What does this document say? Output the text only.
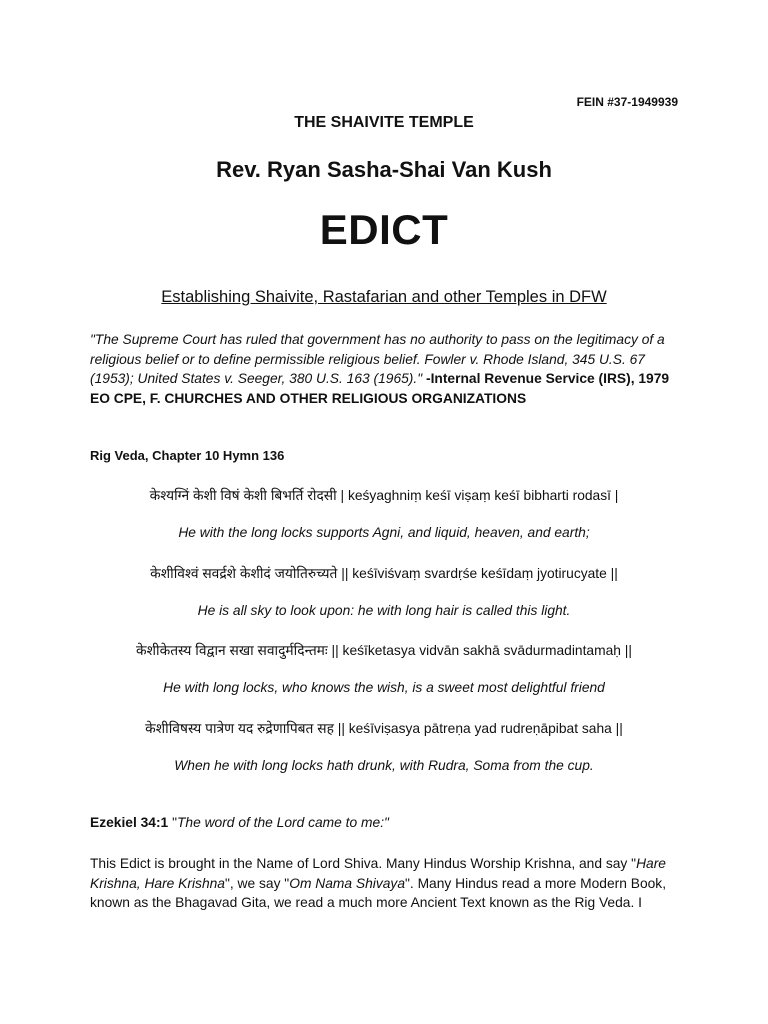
FEIN #37-1949939
THE SHAIVITE TEMPLE
Rev. Ryan Sasha-Shai Van Kush
EDICT
Establishing Shaivite, Rastafarian and other Temples in DFW
"The Supreme Court has ruled that government has no authority to pass on the legitimacy of a religious belief or to define permissible religious belief. Fowler v. Rhode Island, 345 U.S. 67 (1953); United States v. Seeger, 380 U.S. 163 (1965)." -Internal Revenue Service (IRS), 1979 EO CPE, F. CHURCHES AND OTHER RELIGIOUS ORGANIZATIONS
Rig Veda, Chapter 10 Hymn 136
केश्यग्निं केशी विषं केशी बिभर्ति रोदसी | keśyaghniṃ keśī viṣaṃ keśī bibharti rodasī |
He with the long locks supports Agni, and liquid, heaven, and earth;
केशीविश्वं सवर्द्रशे केशीदं जयोतिरुच्यते || keśīviśvaṃ svardṛśe keśīdaṃ jyotirucyate ||
He is all sky to look upon: he with long hair is called this light.
केशीकेतस्य विद्वान सखा सवादुर्मदिन्तमः || keśīketasya vidvān sakhā svādurmadintamaḥ ||
He with long locks, who knows the wish, is a sweet most delightful friend
केशीविषस्य पात्रेण यद रुद्रेणापिबत सह || keśīviṣasya pātreṇa yad rudreṇāpibat saha ||
When he with long locks hath drunk, with Rudra, Soma from the cup.
Ezekiel 34:1 "The word of the Lord came to me:"
This Edict is brought in the Name of Lord Shiva. Many Hindus Worship Krishna, and say "Hare Krishna, Hare Krishna", we say "Om Nama Shivaya". Many Hindus read a more Modern Book, known as the Bhagavad Gita, we read a much more Ancient Text known as the Rig Veda. I
